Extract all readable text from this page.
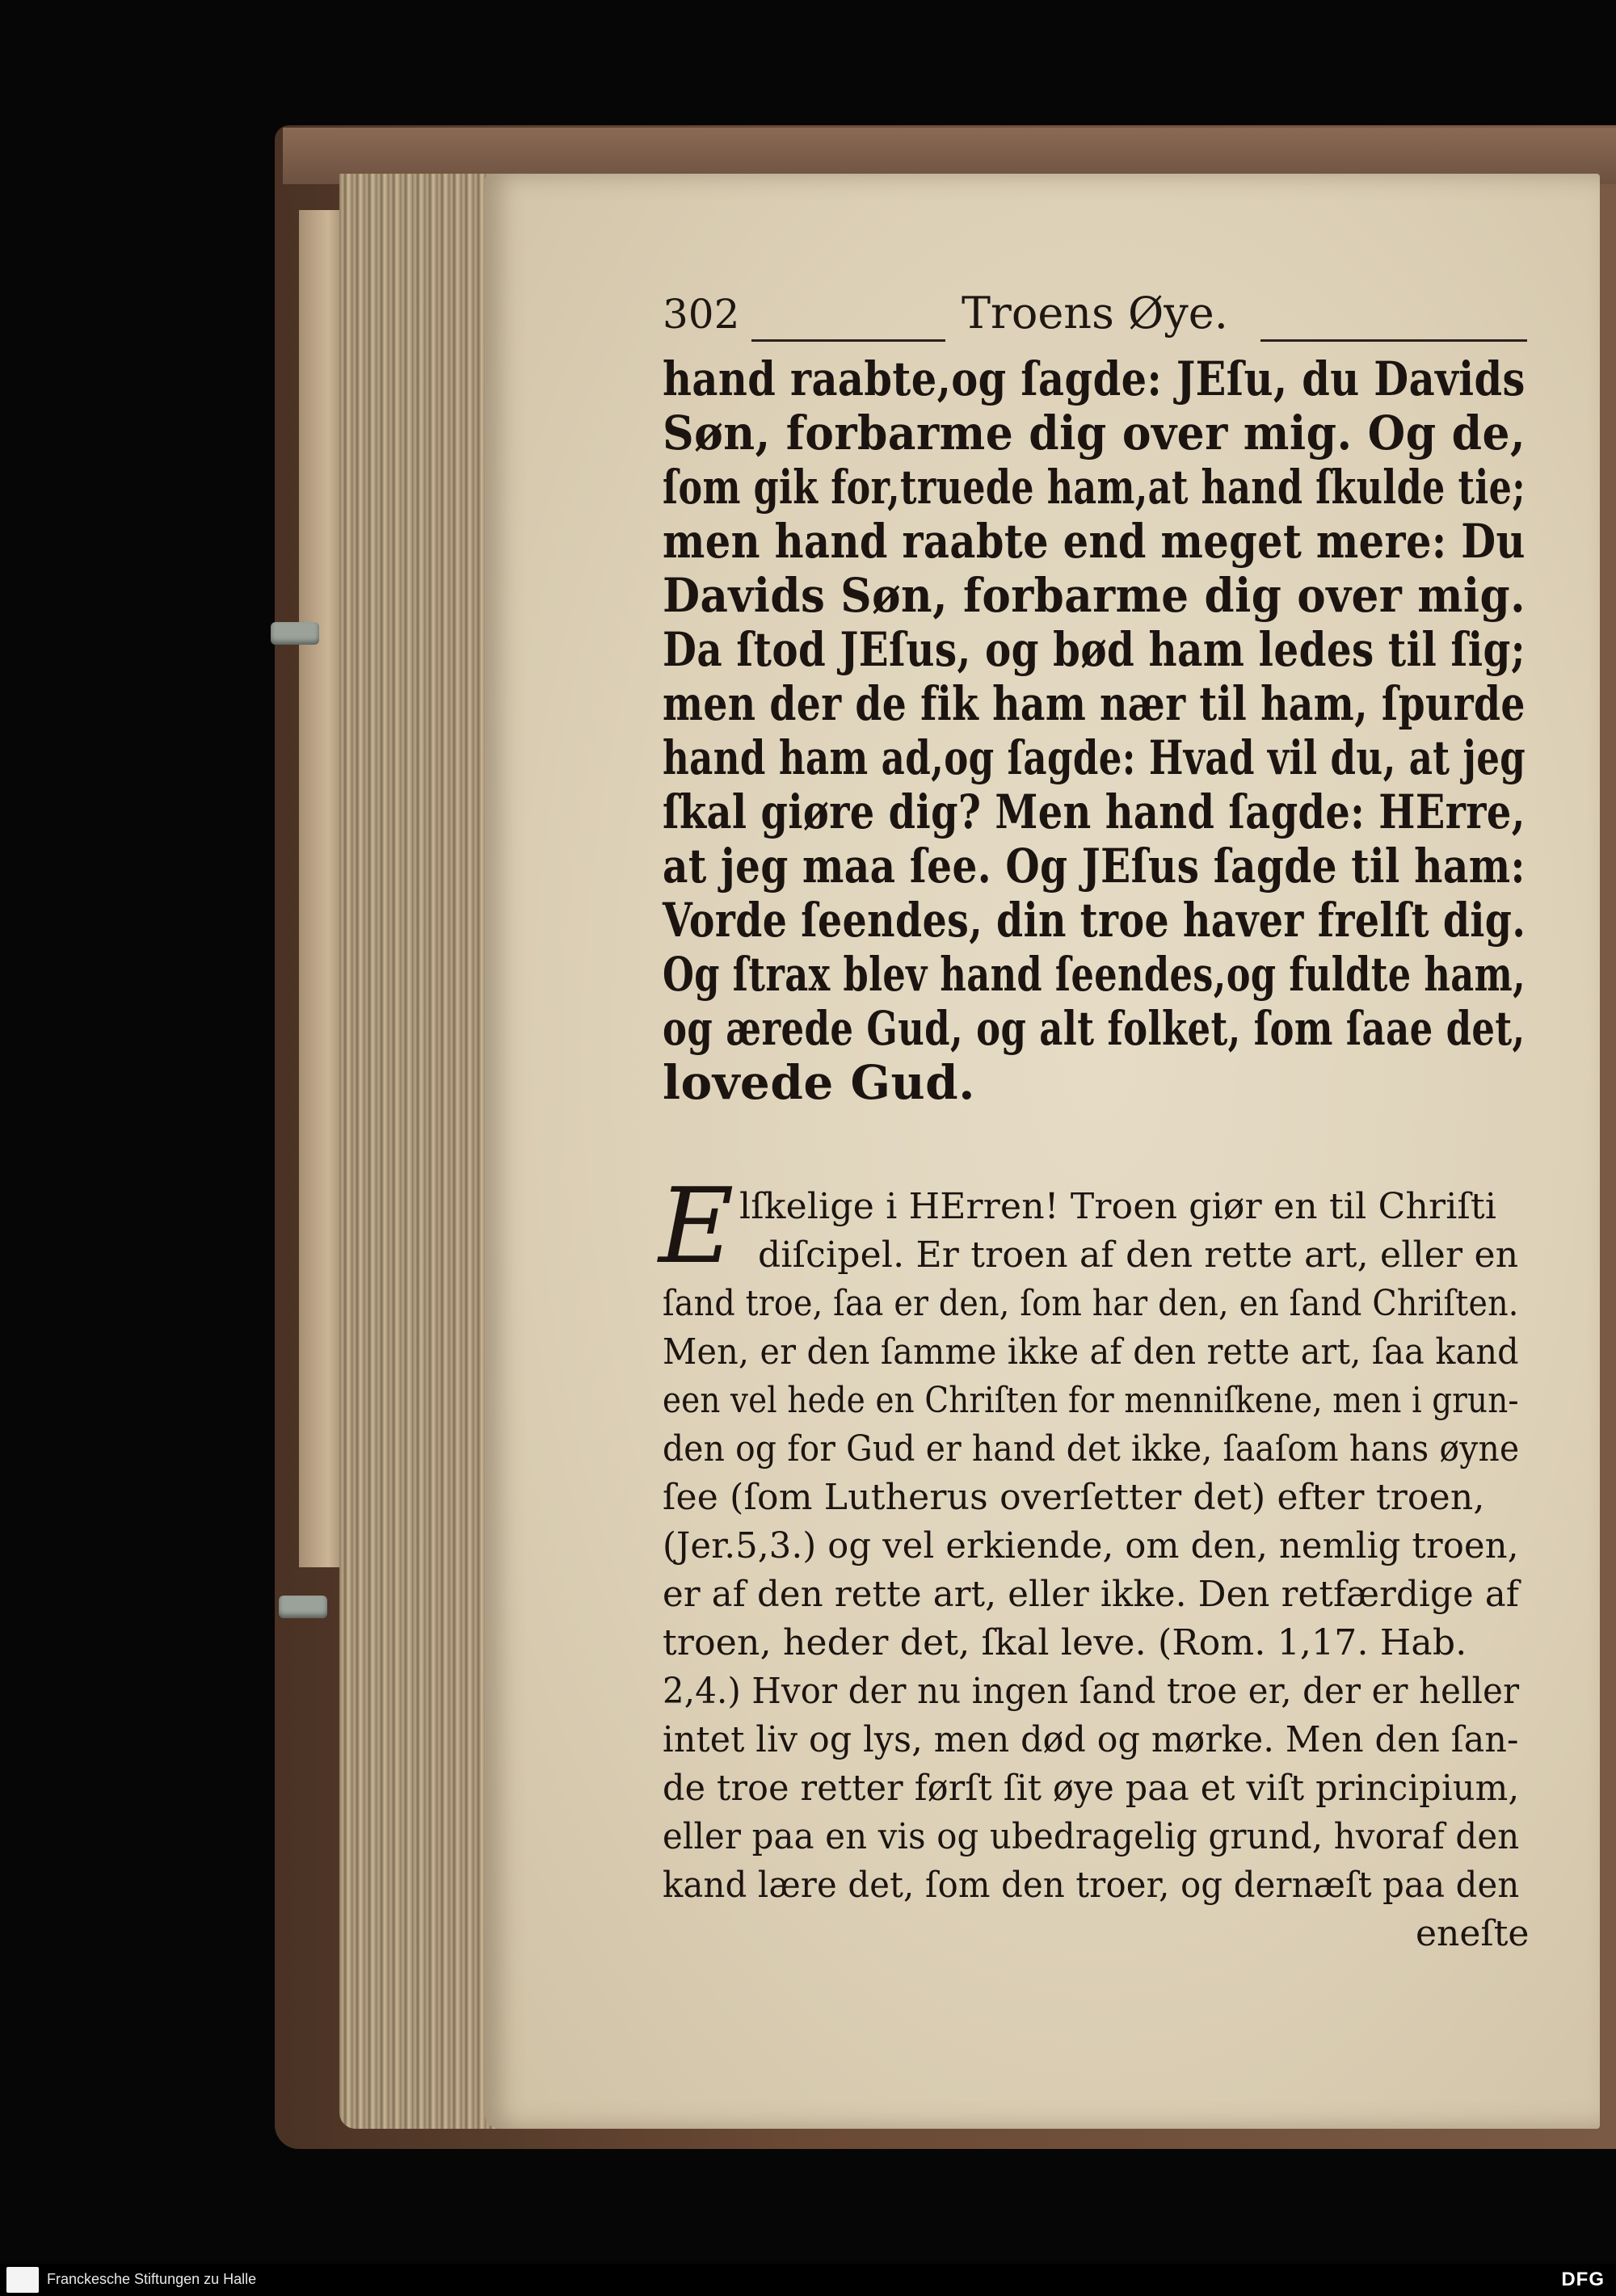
302	Troens Øye.
hand raabte,og ſagde: JEſu, du Davids
Søn, forbarme dig over mig. Og de,
ſom gik for,truede ham,at hand ſkulde tie;
men hand raabte end meget mere: Du
Davids Søn, forbarme dig over mig.
Da ſtod JEſus, og bød ham ledes til ſig;
men der de fik ham nær til ham, ſpurde
hand ham ad,og ſagde: Hvad vil du, at jeg
ſkal giøre dig? Men hand ſagde: HErre,
at jeg maa ſee. Og JEſus ſagde til ham:
Vorde ſeendes, din troe haver frelſt dig.
Og ſtrax blev hand ſeendes,og fuldte ham,
og ærede Gud, og alt folket, ſom ſaae det,
lovede Gud.
E lſkelige i HErren! Troen giør en til Chriſti
diſcipel. Er troen af den rette art, eller en
ſand troe, ſaa er den, ſom har den, en ſand Chriſten.
Men, er den ſamme ikke af den rette art, ſaa kand
een vel hede en Chriſten for menniſkene, men i grun-
den og for Gud er hand det ikke, ſaaſom hans øyne
ſee (ſom Lutherus overſetter det) efter troen,
(Jer.5,3.) og vel erkiende, om den, nemlig troen,
er af den rette art, eller ikke. Den retfærdige af
troen, heder det, ſkal leve. (Rom. 1,17. Hab.
2,4.) Hvor der nu ingen ſand troe er, der er heller
intet liv og lys, men død og mørke. Men den ſan-
de troe retter førſt ſit øye paa et viſt principium,
eller paa en vis og ubedragelig grund, hvoraf den
kand lære det, ſom den troer, og dernæſt paa den
eneſte
Franckesche Stiftungen zu Halle	DFG
